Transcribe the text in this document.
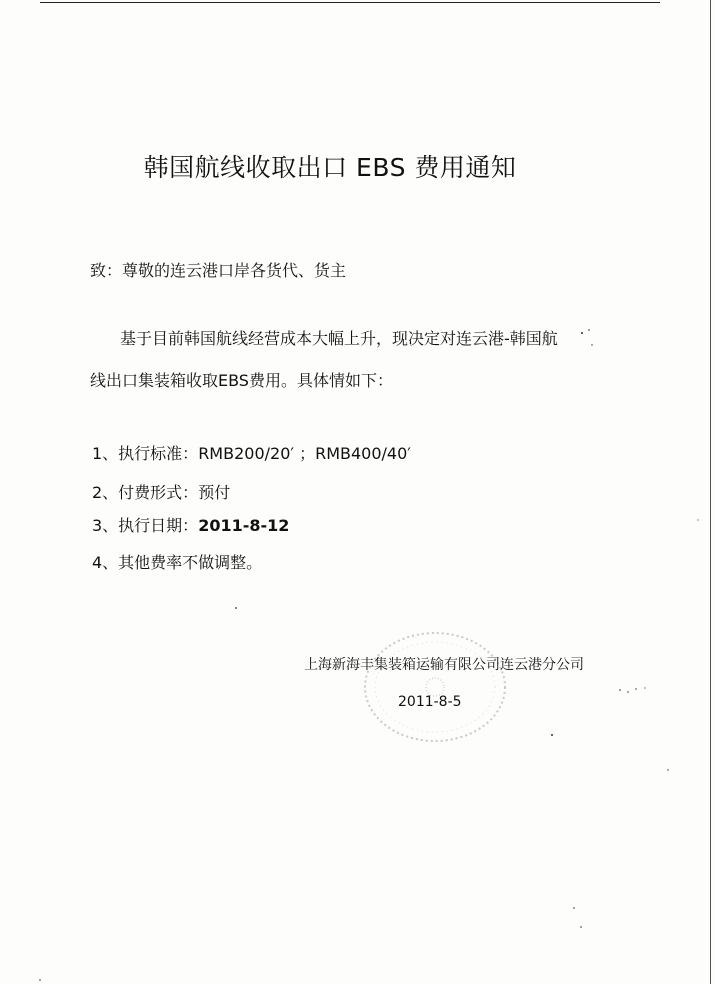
韩国航线收取出口 EBS 费用通知
致：尊敬的连云港口岸各货代、货主
基于目前韩国航线经营成本大幅上升，现决定对连云港-韩国航
线出口集装箱收取EBS费用。具体情如下：
1、执行标准：RMB200/20′ ；RMB400/40′
2、付费形式：预付
3、执行日期：2011-8-12
4、其他费率不做调整。
上海新海丰集装箱运输有限公司连云港分公司
2011-8-5
